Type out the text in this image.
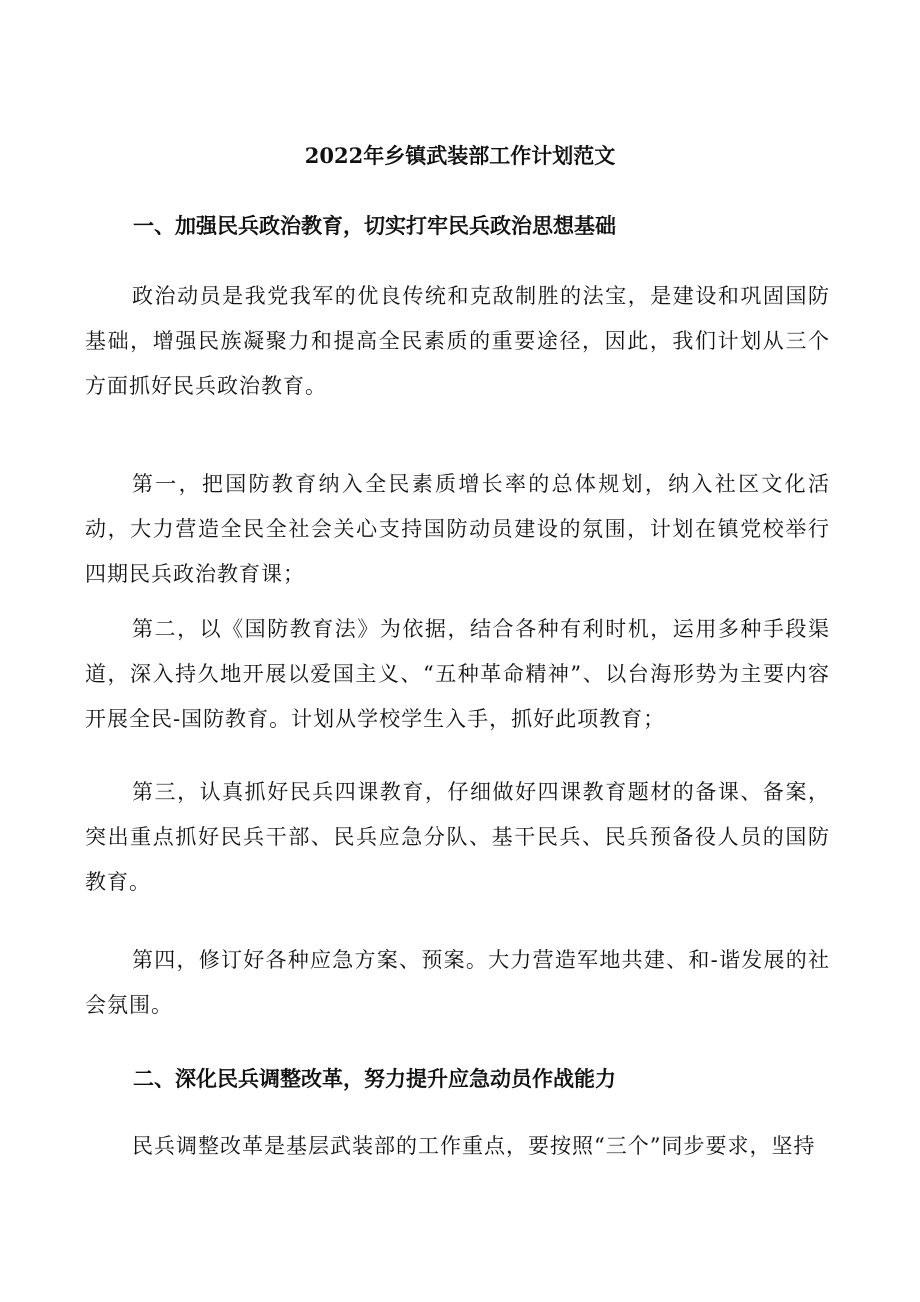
2022年乡镇武装部工作计划范文
一、加强民兵政治教育，切实打牢民兵政治思想基础

政治动员是我党我军的优良传统和克敌制胜的法宝，是建设和巩固国防基础，增强民族凝聚力和提高全民素质的重要途径，因此，我们计划从三个方面抓好民兵政治教育。

第一，把国防教育纳入全民素质增长率的总体规划，纳入社区文化活动，大力营造全民全社会关心支持国防动员建设的氛围，计划在镇党校举行四期民兵政治教育课；

第二，以《国防教育法》为依据，结合各种有利时机，运用多种手段渠道，深入持久地开展以爱国主义、“五种革命精神”、以台海形势为主要内容开展全民-国防教育。计划从学校学生入手，抓好此项教育；

第三，认真抓好民兵四课教育，仔细做好四课教育题材的备课、备案，突出重点抓好民兵干部、民兵应急分队、基干民兵、民兵预备役人员的国防教育。

第四，修订好各种应急方案、预案。大力营造军地共建、和-谐发展的社会氛围。

二、深化民兵调整改革，努力提升应急动员作战能力

民兵调整改革是基层武装部的工作重点，要按照“三个”同步要求，坚持
